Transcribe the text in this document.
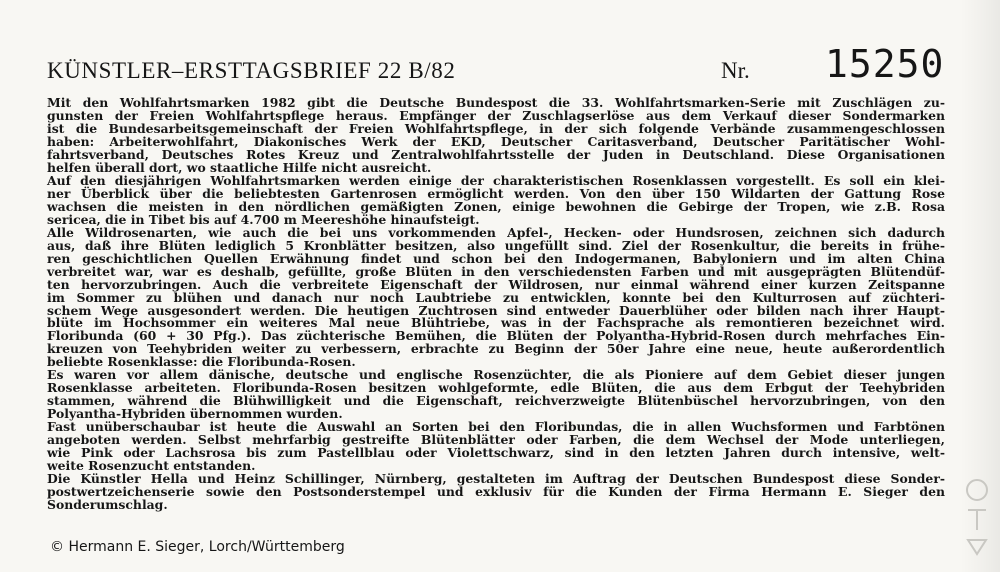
KÜNSTLER–ERSTTAGSBRIEF 22 B/82	Nr. 15250
Mit den Wohlfahrtsmarken 1982 gibt die Deutsche Bundespost die 33. Wohlfahrtsmarken-Serie mit Zuschlägen zu-
gunsten der Freien Wohlfahrtspflege heraus. Empfänger der Zuschlagserlöse aus dem Verkauf dieser Sondermarken
ist die Bundesarbeitsgemeinschaft der Freien Wohlfahrtspflege, in der sich folgende Verbände zusammengeschlossen
haben: Arbeiterwohlfahrt, Diakonisches Werk der EKD, Deutscher Caritasverband, Deutscher Paritätischer Wohl-
fahrtsverband, Deutsches Rotes Kreuz und Zentralwohlfahrtsstelle der Juden in Deutschland. Diese Organisationen
helfen überall dort, wo staatliche Hilfe nicht ausreicht.
Auf den diesjährigen Wohlfahrtsmarken werden einige der charakteristischen Rosenklassen vorgestellt. Es soll ein klei-
ner Überblick über die beliebtesten Gartenrosen ermöglicht werden. Von den über 150 Wildarten der Gattung Rose
wachsen die meisten in den nördlichen gemäßigten Zonen, einige bewohnen die Gebirge der Tropen, wie z.B. Rosa
sericea, die in Tibet bis auf 4.700 m Meereshöhe hinaufsteigt.
Alle Wildrosenarten, wie auch die bei uns vorkommenden Apfel-, Hecken- oder Hundsrosen, zeichnen sich dadurch
aus, daß ihre Blüten lediglich 5 Kronblätter besitzen, also ungefüllt sind. Ziel der Rosenkultur, die bereits in frühe-
ren geschichtlichen Quellen Erwähnung findet und schon bei den Indogermanen, Babyloniern und im alten China
verbreitet war, war es deshalb, gefüllte, große Blüten in den verschiedensten Farben und mit ausgeprägten Blütendüf-
ten hervorzubringen. Auch die verbreitete Eigenschaft der Wildrosen, nur einmal während einer kurzen Zeitspanne
im Sommer zu blühen und danach nur noch Laubtriebe zu entwicklen, konnte bei den Kulturrosen auf züchteri-
schem Wege ausgesondert werden. Die heutigen Zuchtrosen sind entweder Dauerblüher oder bilden nach ihrer Haupt-
blüte im Hochsommer ein weiteres Mal neue Blühtriebe, was in der Fachsprache als remontieren bezeichnet wird.
Floribunda (60 + 30 Pfg.). Das züchterische Bemühen, die Blüten der Polyantha-Hybrid-Rosen durch mehrfaches Ein-
kreuzen von Teehybriden weiter zu verbessern, erbrachte zu Beginn der 50er Jahre eine neue, heute außerordentlich
beliebte Rosenklasse: die Floribunda-Rosen.
Es waren vor allem dänische, deutsche und englische Rosenzüchter, die als Pioniere auf dem Gebiet dieser jungen
Rosenklasse arbeiteten. Floribunda-Rosen besitzen wohlgeformte, edle Blüten, die aus dem Erbgut der Teehybriden
stammen, während die Blühwilligkeit und die Eigenschaft, reichverzweigte Blütenbüschel hervorzubringen, von den
Polyantha-Hybriden übernommen wurden.
Fast unüberschaubar ist heute die Auswahl an Sorten bei den Floribundas, die in allen Wuchsformen und Farbtönen
angeboten werden. Selbst mehrfarbig gestreifte Blütenblätter oder Farben, die dem Wechsel der Mode unterliegen,
wie Pink oder Lachsrosa bis zum Pastellblau oder Violettschwarz, sind in den letzten Jahren durch intensive, welt-
weite Rosenzucht entstanden.
Die Künstler Hella und Heinz Schillinger, Nürnberg, gestalteten im Auftrag der Deutschen Bundespost diese Sonder-
postwertzeichenserie sowie den Postsonderstempel und exklusiv für die Kunden der Firma Hermann E. Sieger den
Sonderumschlag.
© Hermann E. Sieger, Lorch/Württemberg
